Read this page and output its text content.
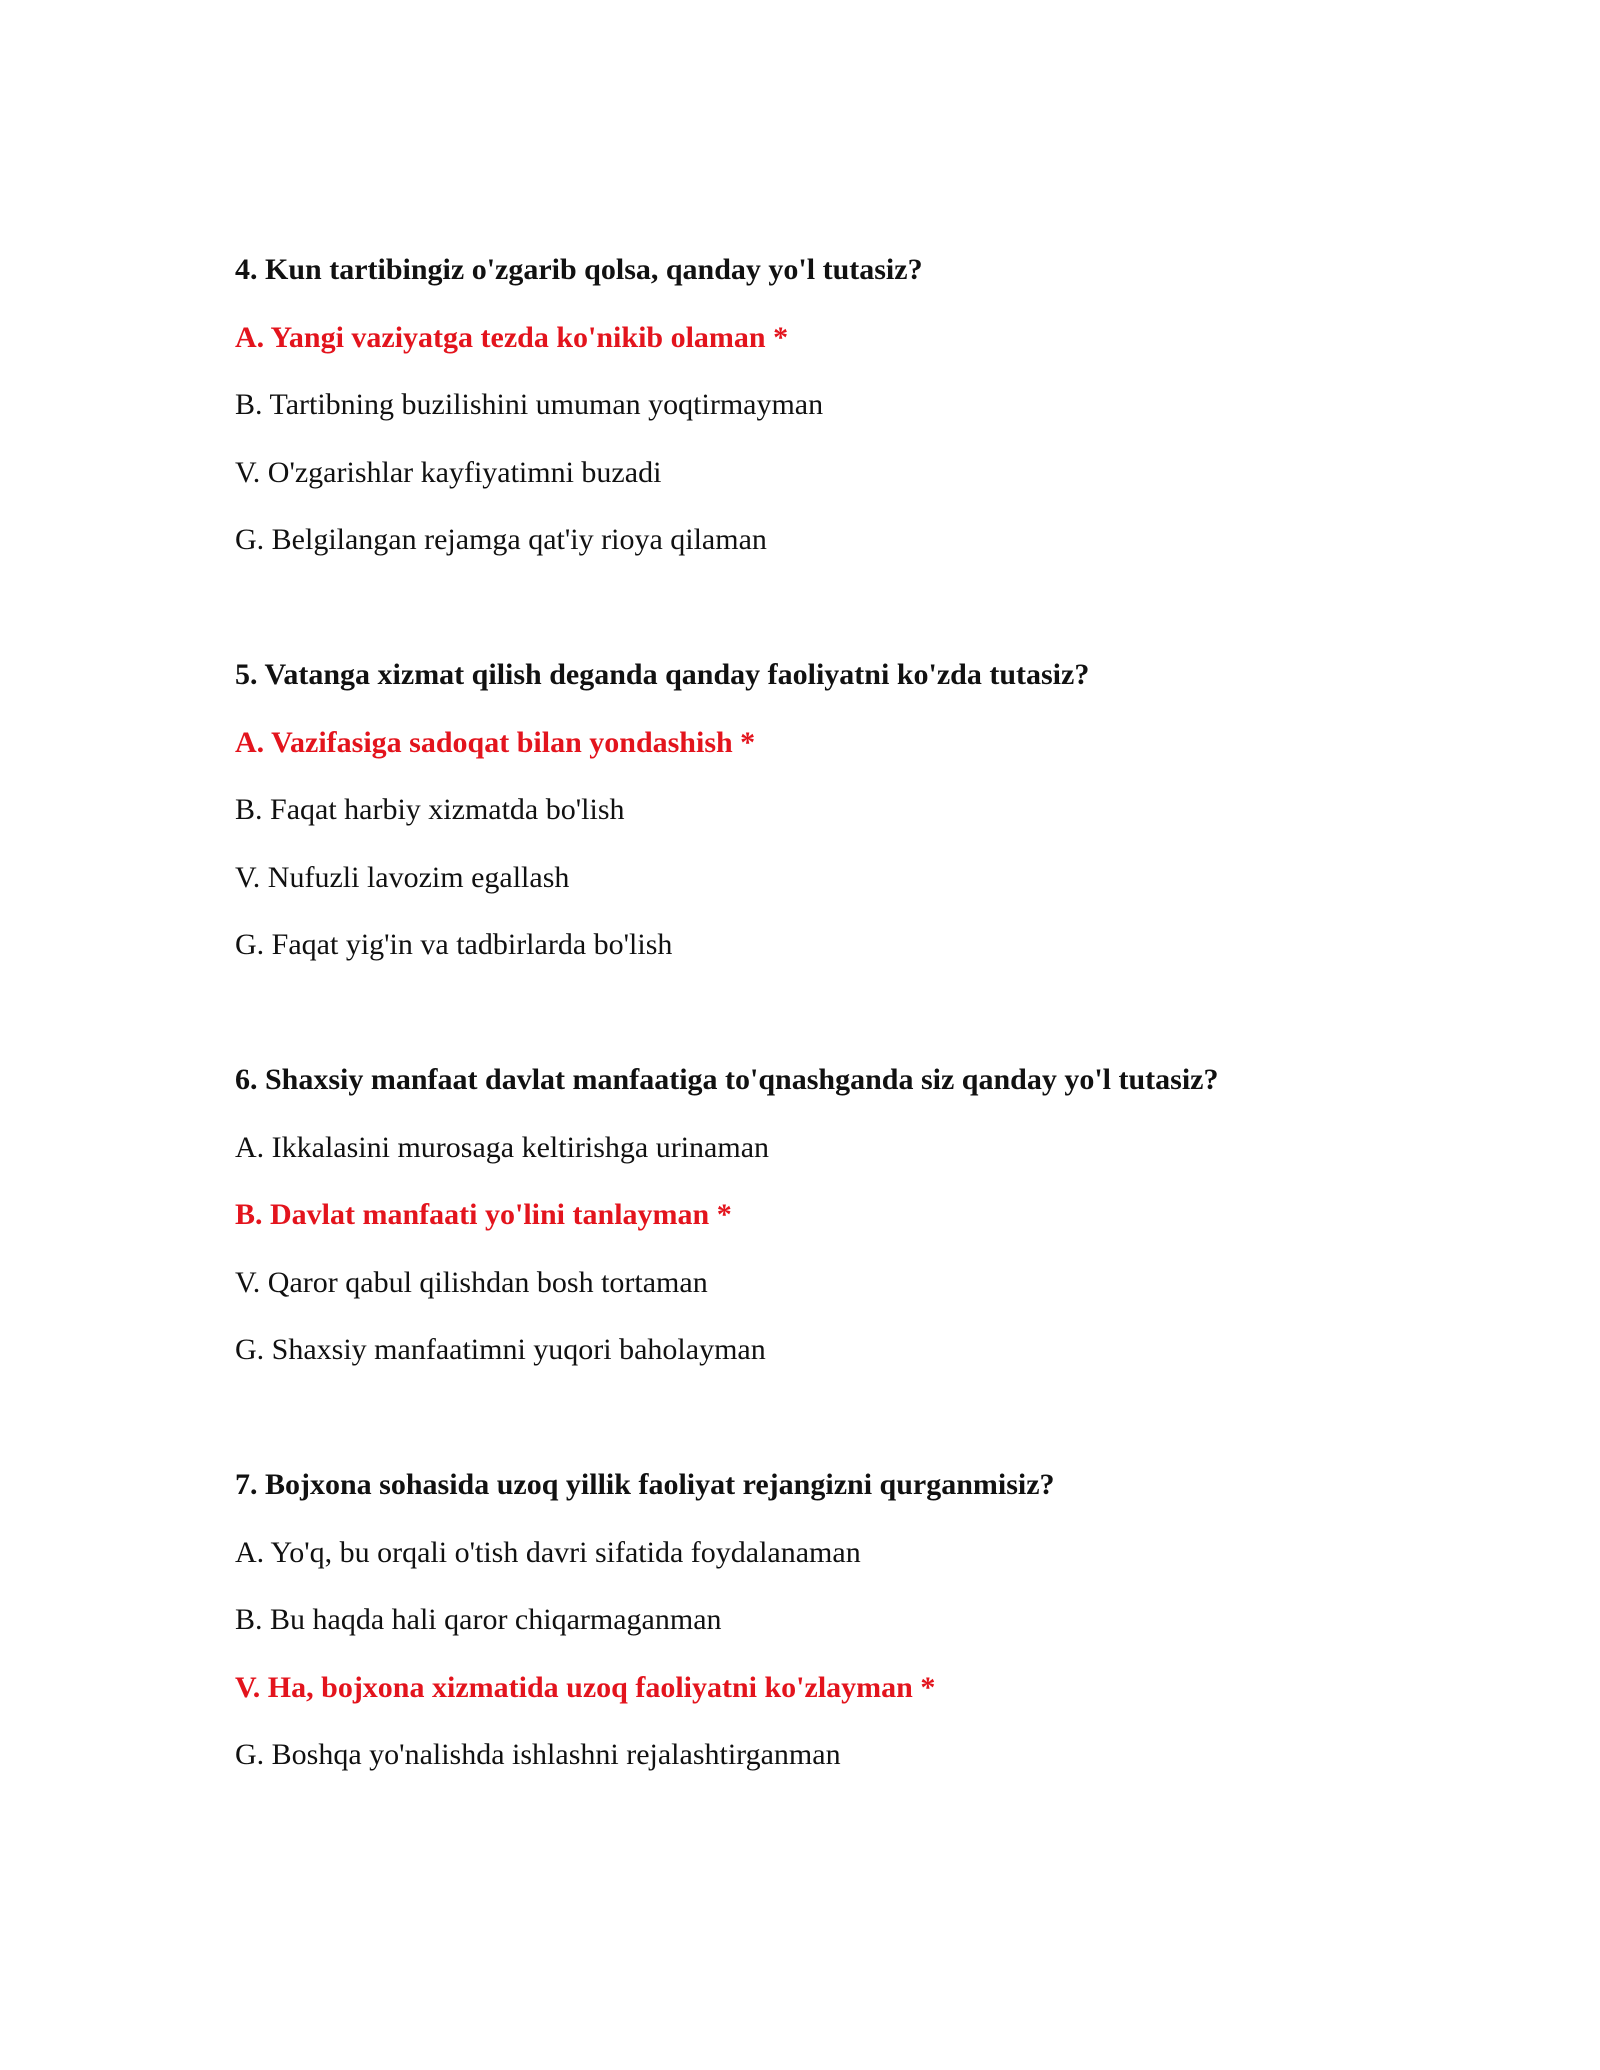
4. Kun tartibingiz o'zgarib qolsa, qanday yo'l tutasiz?

A. Yangi vaziyatga tezda ko'nikib olaman *
B. Tartibning buzilishini umuman yoqtirmayman
V. O'zgarishlar kayfiyatimni buzadi
G. Belgilangan rejamga qat'iy rioya qilaman

5. Vatanga xizmat qilish deganda qanday faoliyatni ko'zda tutasiz?

A. Vazifasiga sadoqat bilan yondashish *
B. Faqat harbiy xizmatda bo'lish
V. Nufuzli lavozim egallash
G. Faqat yig'in va tadbirlarda bo'lish

6. Shaxsiy manfaat davlat manfaatiga to'qnashganda siz qanday yo'l tutasiz?

A. Ikkalasini murosaga keltirishga urinaman
B. Davlat manfaati yo'lini tanlayman *
V. Qaror qabul qilishdan bosh tortaman
G. Shaxsiy manfaatimni yuqori baholayman

7. Bojxona sohasida uzoq yillik faoliyat rejangizni qurganmisiz?

A. Yo'q, bu orqali o'tish davri sifatida foydalanaman
B. Bu haqda hali qaror chiqarmaganman
V. Ha, bojxona xizmatida uzoq faoliyatni ko'zlayman *
G. Boshqa yo'nalishda ishlashni rejalashtirganman
